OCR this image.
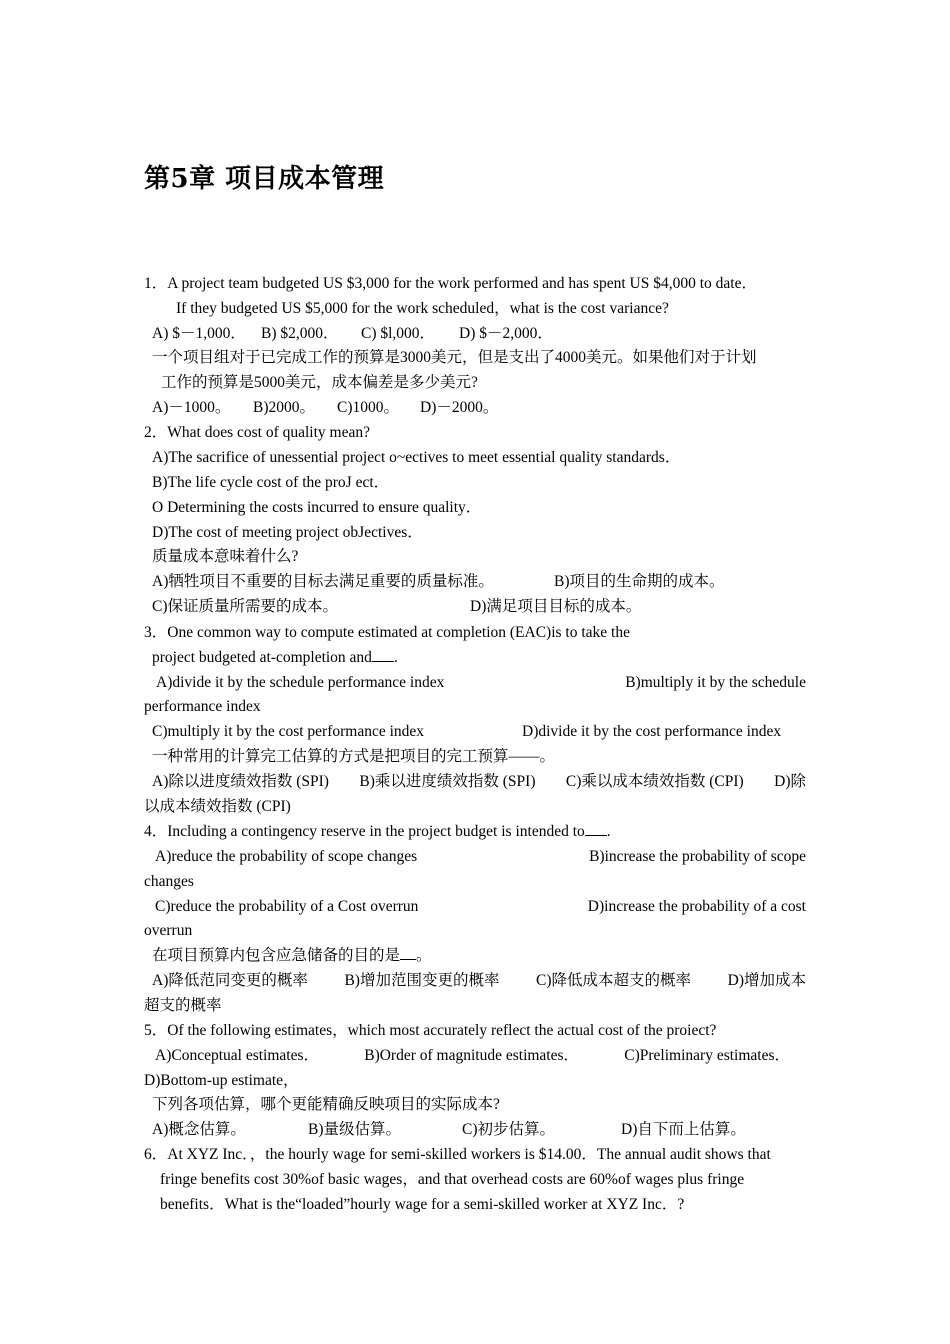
第5章 项目成本管理
1．A project team budgeted US $3,000 for the work performed and has spent US $4,000 to date．
If they budgeted US $5,000 for the work scheduled，what is the cost variance?
A) $－1,000． B) $2,000． C) $l,000． D) $－2,000．
一个项目组对于已完成工作的预算是3000美元，但是支出了4000美元。如果他们对于计划
工作的预算是5000美元，成本偏差是多少美元?
A)－1000。 B)2000。 C)1000。 D)－2000。
2．What does cost of quality mean?
A)The sacrifice of unessential project o~ectives to meet essential quality standards．
B)The life cycle cost of the proJ ect．
O Determining the costs incurred to ensure quality．
D)The cost of meeting project obJectives．
质量成本意味着什么?
A)牺牲项目不重要的目标去满足重要的质量标准。	B)项目的生命期的成本。
C)保证质量所需要的成本。	D)满足项目目标的成本。
3．One common way to compute estimated at completion (EAC)is to take the
project budgeted at-completion and .
A)divide it by the schedule performance index	B)multiply it by the schedule
performance index
C)multiply it by the cost performance index	D)divide it by the cost performance index
一种常用的计算完工估算的方式是把项目的完工预算——。
A)除以进度绩效指数 (SPI) B)乘以进度绩效指数 (SPI) C)乘以成本绩效指数 (CPI) D)除
以成本绩效指数 (CPI)
4．Including a contingency reserve in the project budget is intended to .
A)reduce the probability of scope changes	B)increase the probability of scope
changes
C)reduce the probability of a Cost overrun	D)increase the probability of a cost
overrun
在项目预算内包含应急储备的目的是 。
A)降低范同变更的概率 B)增加范围变更的概率 C)降低成本超支的概率 D)增加成本
超支的概率
5．Of the following estimates，which most accurately reflect the actual cost of the proiect?
A)Conceptual estimates．	B)Order of magnitude estimates．	C)Preliminary estimates．
D)Bottom-up estimate，
下列各项估算，哪个更能精确反映项目的实际成本?
A)概念估算。	B)量级估算。	C)初步估算。	D)自下而上估算。
6．At XYZ Inc．，the hourly wage for semi-skilled workers is $14.00．The annual audit shows that
fringe benefits cost 30%of basic wages，and that overhead costs are 60%of wages plus fringe
benefits．What is the“loaded”hourly wage for a semi-skilled worker at XYZ Inc．?
